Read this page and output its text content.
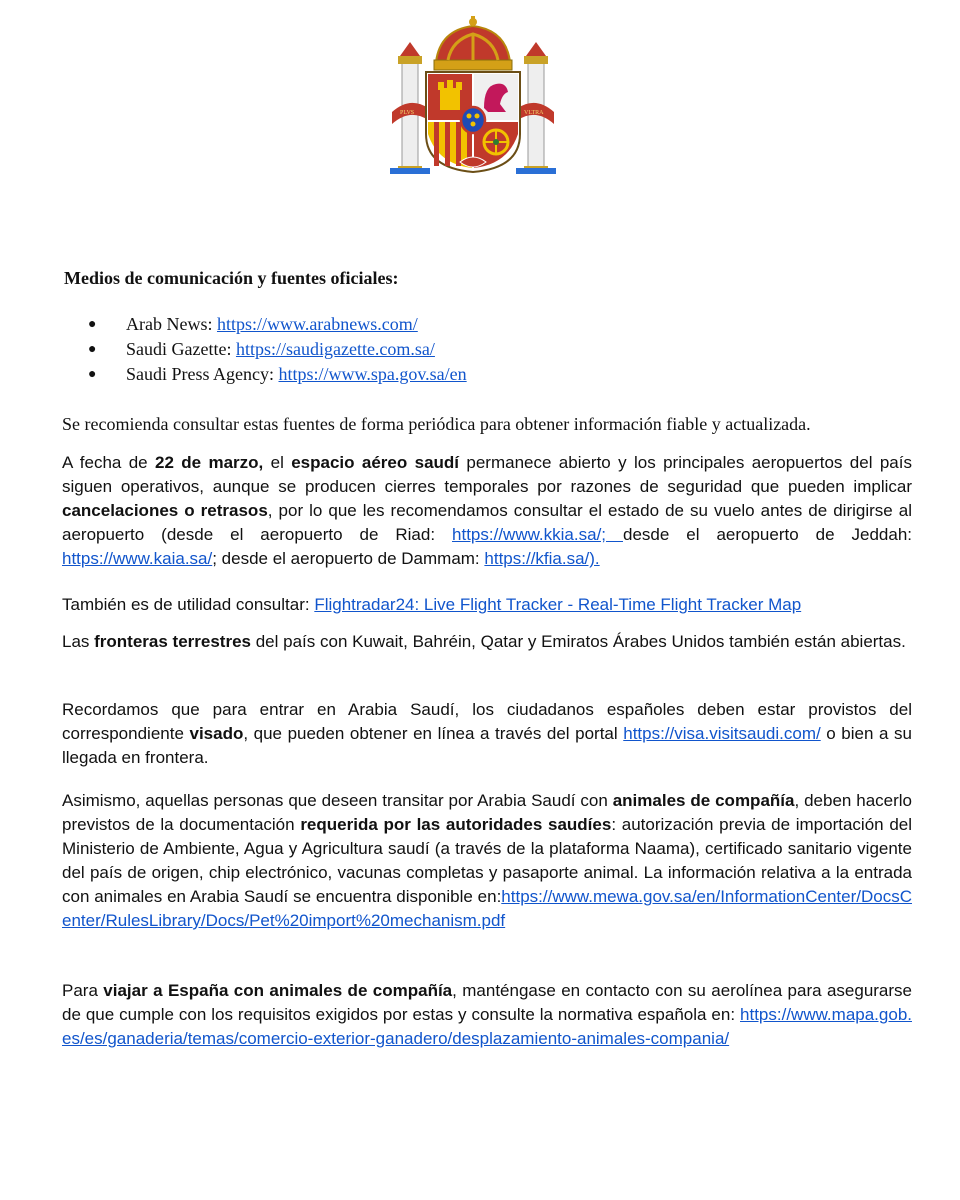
PLVS	VLTRA
Medios de comunicación y fuentes oficiales:
● Arab News: https://www.arabnews.com/
● Saudi Gazette: https://saudigazette.com.sa/
● Saudi Press Agency: https://www.spa.gov.sa/en

Se recomienda consultar estas fuentes de forma periódica para obtener información fiable y actualizada.

A fecha de 22 de marzo, el espacio aéreo saudí permanece abierto y los principales aeropuertos del país siguen operativos, aunque se producen cierres temporales por razones de seguridad que pueden implicar cancelaciones o retrasos, por lo que les recomendamos consultar el estado de su vuelo antes de dirigirse al aeropuerto (desde el aeropuerto de Riad: https://www.kkia.sa/; desde el aeropuerto de Jeddah: https://www.kaia.sa/; desde el aeropuerto de Dammam: https://kfia.sa/).

También es de utilidad consultar: Flightradar24: Live Flight Tracker - Real-Time Flight Tracker Map

Las fronteras terrestres del país con Kuwait, Bahréin, Qatar y Emiratos Árabes Unidos también están abiertas.

Recordamos que para entrar en Arabia Saudí, los ciudadanos españoles deben estar provistos del correspondiente visado, que pueden obtener en línea a través del portal https://visa.visitsaudi.com/ o bien a su llegada en frontera.

Asimismo, aquellas personas que deseen transitar por Arabia Saudí con animales de compañía, deben hacerlo previstos de la documentación requerida por las autoridades saudíes: autorización previa de importación del Ministerio de Ambiente, Agua y Agricultura saudí (a través de la plataforma Naama), certificado sanitario vigente del país de origen, chip electrónico, vacunas completas y pasaporte animal. La información relativa a la entrada con animales en Arabia Saudí se encuentra disponible en:https://www.mewa.gov.sa/en/InformationCenter/DocsCenter/RulesLibrary/Docs/Pet%20import%20mechanism.pdf

Para viajar a España con animales de compañía, manténgase en contacto con su aerolínea para asegurarse de que cumple con los requisitos exigidos por estas y consulte la normativa española en: https://www.mapa.gob.es/es/ganaderia/temas/comercio-exterior-ganadero/desplazamiento-animales-compania/
